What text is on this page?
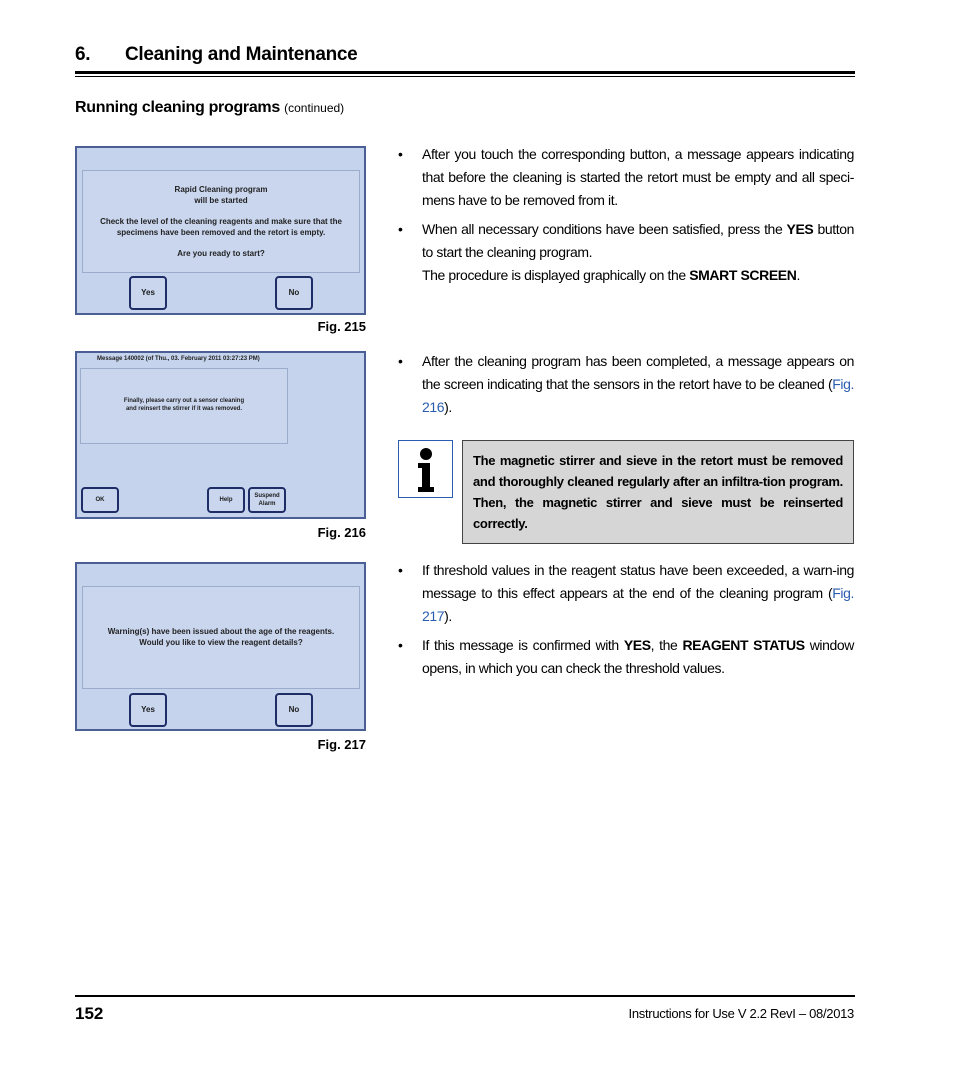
6. Cleaning and Maintenance
Running cleaning programs (continued)
Rapid Cleaning program
will be started
Check the level of the cleaning reagents and make sure that the
specimens have been removed and the retort is empty.
Are you ready to start?
Yes	No
Fig. 215
Message 140002 (of Thu., 03. February 2011 03:27:23 PM)
Finally, please carry out a sensor cleaning
and reinsert the stirrer if it was removed.
OK	Help
Suspend Alarm
Fig. 216
Warning(s) have been issued about the age of the reagents.
Would you like to view the reagent details?
Yes	No
Fig. 217
• After you touch the corresponding button, a message appears indicating that before the cleaning is started the retort must be empty and all speci-mens have to be removed from it.
• When all necessary conditions have been satisfied, press the YES button to start the cleaning program.
The procedure is displayed graphically on the SMART SCREEN.
• After the cleaning program has been completed, a message appears on the screen indicating that the sensors in the retort have to be cleaned (Fig. 216).
The magnetic stirrer and sieve in the retort must be removed and thoroughly cleaned regularly after an infiltra-tion program. Then, the magnetic stirrer and sieve must be reinserted correctly.
• If threshold values in the reagent status have been exceeded, a warn-ing message to this effect appears at the end of the cleaning program (Fig. 217).
• If this message is confirmed with YES, the REAGENT STATUS window opens, in which you can check the threshold values.
152	Instructions for Use V 2.2 RevI – 08/2013
